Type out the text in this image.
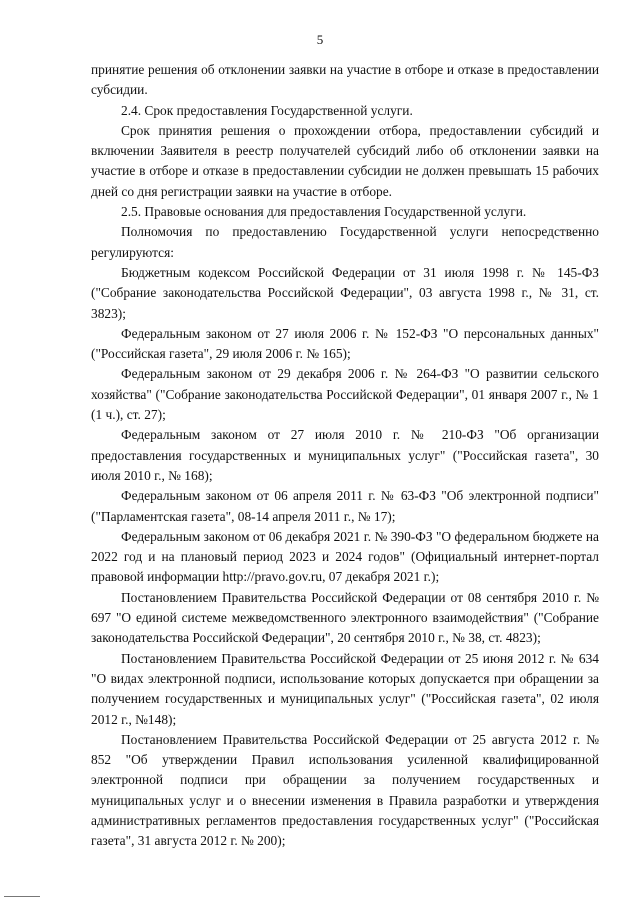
5

принятие решения об отклонении заявки на участие в отборе и отказе в предоставлении субсидии.

2.4. Срок предоставления Государственной услуги.

Срок принятия решения о прохождении отбора, предоставлении субсидий и включении Заявителя в реестр получателей субсидий либо об отклонении заявки на участие в отборе и отказе в предоставлении субсидии не должен превышать 15 рабочих дней со дня регистрации заявки на участие в отборе.

2.5. Правовые основания для предоставления Государственной услуги.

Полномочия по предоставлению Государственной услуги непосредственно регулируются:

Бюджетным кодексом Российской Федерации от 31 июля 1998 г. № 145-ФЗ ("Собрание законодательства Российской Федерации", 03 августа 1998 г., № 31, ст. 3823);

Федеральным законом от 27 июля 2006 г. № 152-ФЗ "О персональных данных" ("Российская газета", 29 июля 2006 г. № 165);

Федеральным законом от 29 декабря 2006 г. № 264-ФЗ "О развитии сельского хозяйства" ("Собрание законодательства Российской Федерации", 01 января 2007 г., № 1 (1 ч.), ст. 27);

Федеральным законом от 27 июля 2010 г. № 210-ФЗ "Об организации предоставления государственных и муниципальных услуг" ("Российская газета", 30 июля 2010 г., № 168);

Федеральным законом от 06 апреля 2011 г. № 63-ФЗ "Об электронной подписи" ("Парламентская газета", 08-14 апреля 2011 г., № 17);

Федеральным законом от 06 декабря 2021 г. № 390-ФЗ "О федеральном бюджете на 2022 год и на плановый период 2023 и 2024 годов" (Официальный интернет-портал правовой информации http://pravo.gov.ru, 07 декабря 2021 г.);

Постановлением Правительства Российской Федерации от 08 сентября 2010 г. № 697 "О единой системе межведомственного электронного взаимодействия" ("Собрание законодательства Российской Федерации", 20 сентября 2010 г., № 38, ст. 4823);

Постановлением Правительства Российской Федерации от 25 июня 2012 г. № 634 "О видах электронной подписи, использование которых допускается при обращении за получением государственных и муниципальных услуг" ("Российская газета", 02 июля 2012 г., №148);

Постановлением Правительства Российской Федерации от 25 августа 2012 г. № 852 "Об утверждении Правил использования усиленной квалифицированной электронной подписи при обращении за получением государственных и муниципальных услуг и о внесении изменения в Правила разработки и утверждения административных регламентов предоставления государственных услуг" ("Российская газета", 31 августа 2012 г. № 200);
